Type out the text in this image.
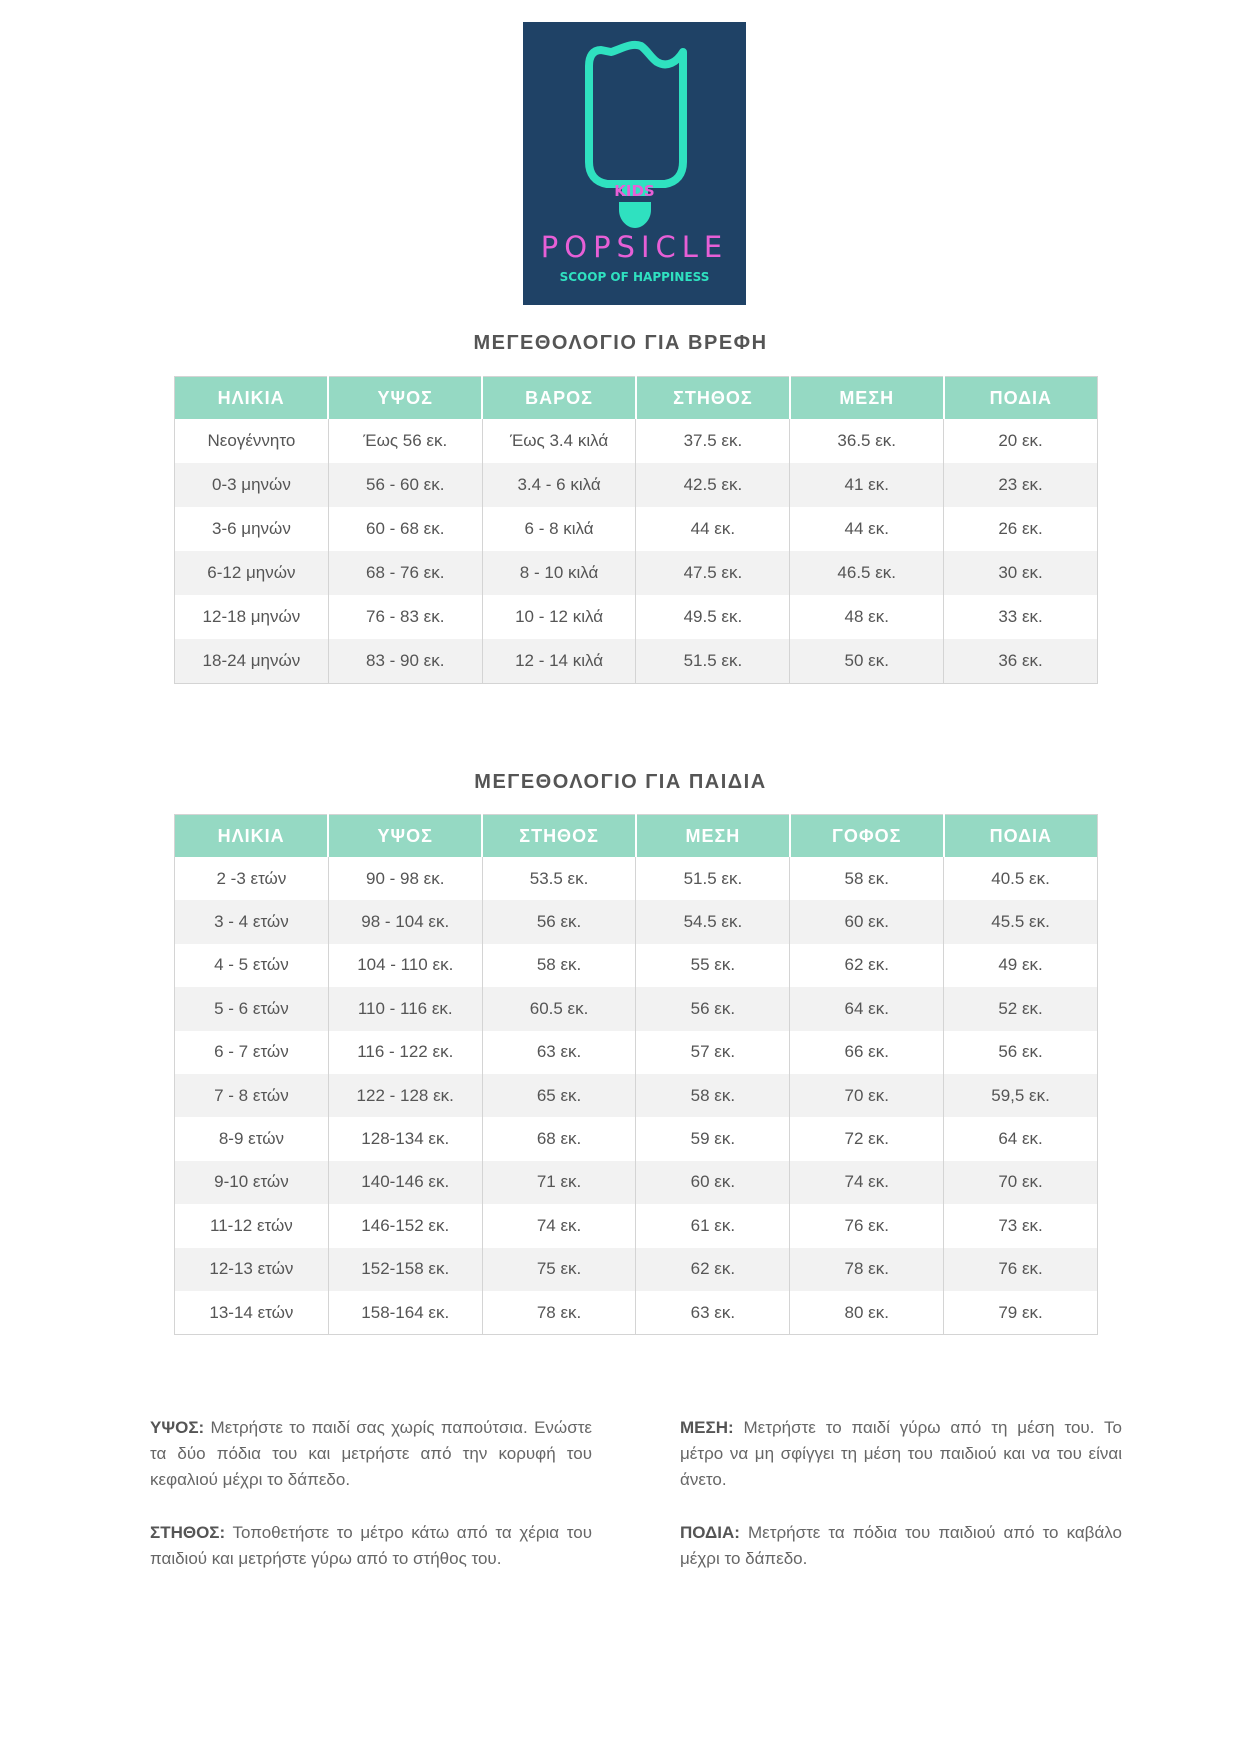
KIDS
POPSICLE
SCOOP OF HAPPINESS
ΜΕΓΕΘΟΛΟΓΙΟ ΓΙΑ ΒΡΕΦΗ
ΗΛΙΚΙΑ	ΥΨΟΣ	ΒΑΡΟΣ	ΣΤΗΘΟΣ	ΜΕΣΗ	ΠΟΔΙΑ
Νεογέννητο	Έως 56 εκ.	Έως 3.4 κιλά	37.5 εκ.	36.5 εκ.	20 εκ.
0-3 μηνών	56 - 60 εκ.	3.4 - 6 κιλά	42.5 εκ.	41 εκ.	23 εκ.
3-6 μηνών	60 - 68 εκ.	6 - 8 κιλά	44 εκ.	44 εκ.	26 εκ.
6-12 μηνών	68 - 76 εκ.	8 - 10 κιλά	47.5 εκ.	46.5 εκ.	30 εκ.
12-18 μηνών	76 - 83 εκ.	10 - 12 κιλά	49.5 εκ.	48 εκ.	33 εκ.
18-24 μηνών	83 - 90 εκ.	12 - 14 κιλά	51.5 εκ.	50 εκ.	36 εκ.
ΜΕΓΕΘΟΛΟΓΙΟ ΓΙΑ ΠΑΙΔΙΑ
ΗΛΙΚΙΑ	ΥΨΟΣ	ΣΤΗΘΟΣ	ΜΕΣΗ	ΓΟΦΟΣ	ΠΟΔΙΑ
2 -3 ετών	90 - 98 εκ.	53.5 εκ.	51.5 εκ.	58 εκ.	40.5 εκ.
3 - 4 ετών	98 - 104 εκ.	56 εκ.	54.5 εκ.	60 εκ.	45.5 εκ.
4 - 5 ετών	104 - 110 εκ.	58 εκ.	55 εκ.	62 εκ.	49 εκ.
5 - 6 ετών	110 - 116 εκ.	60.5 εκ.	56 εκ.	64 εκ.	52 εκ.
6 - 7 ετών	116 - 122 εκ.	63 εκ.	57 εκ.	66 εκ.	56 εκ.
7 - 8 ετών	122 - 128 εκ.	65 εκ.	58 εκ.	70 εκ.	59,5 εκ.
8-9 ετών	128-134 εκ.	68 εκ.	59 εκ.	72 εκ.	64 εκ.
9-10 ετών	140-146 εκ.	71 εκ.	60 εκ.	74 εκ.	70 εκ.
11-12 ετών	146-152 εκ.	74 εκ.	61 εκ.	76 εκ.	73 εκ.
12-13 ετών	152-158 εκ.	75 εκ.	62 εκ.	78 εκ.	76 εκ.
13-14 ετών	158-164 εκ.	78 εκ.	63 εκ.	80 εκ.	79 εκ.
ΥΨΟΣ: Μετρήστε το παιδί σας χωρίς παπούτσια. Ενώστε τα δύο πόδια του και μετρήστε από την κορυφή του κεφαλιού μέχρι το δάπεδο.
ΣΤΗΘΟΣ: Τοποθετήστε το μέτρο κάτω από τα χέρια του παιδιού και μετρήστε γύρω από το στήθος του.
ΜΕΣΗ: Μετρήστε το παιδί γύρω από τη μέση του. Το μέτρο να μη σφίγγει τη μέση του παιδιού και να του είναι άνετο.
ΠΟΔΙΑ: Μετρήστε τα πόδια του παιδιού από το καβάλο μέχρι το δάπεδο.
